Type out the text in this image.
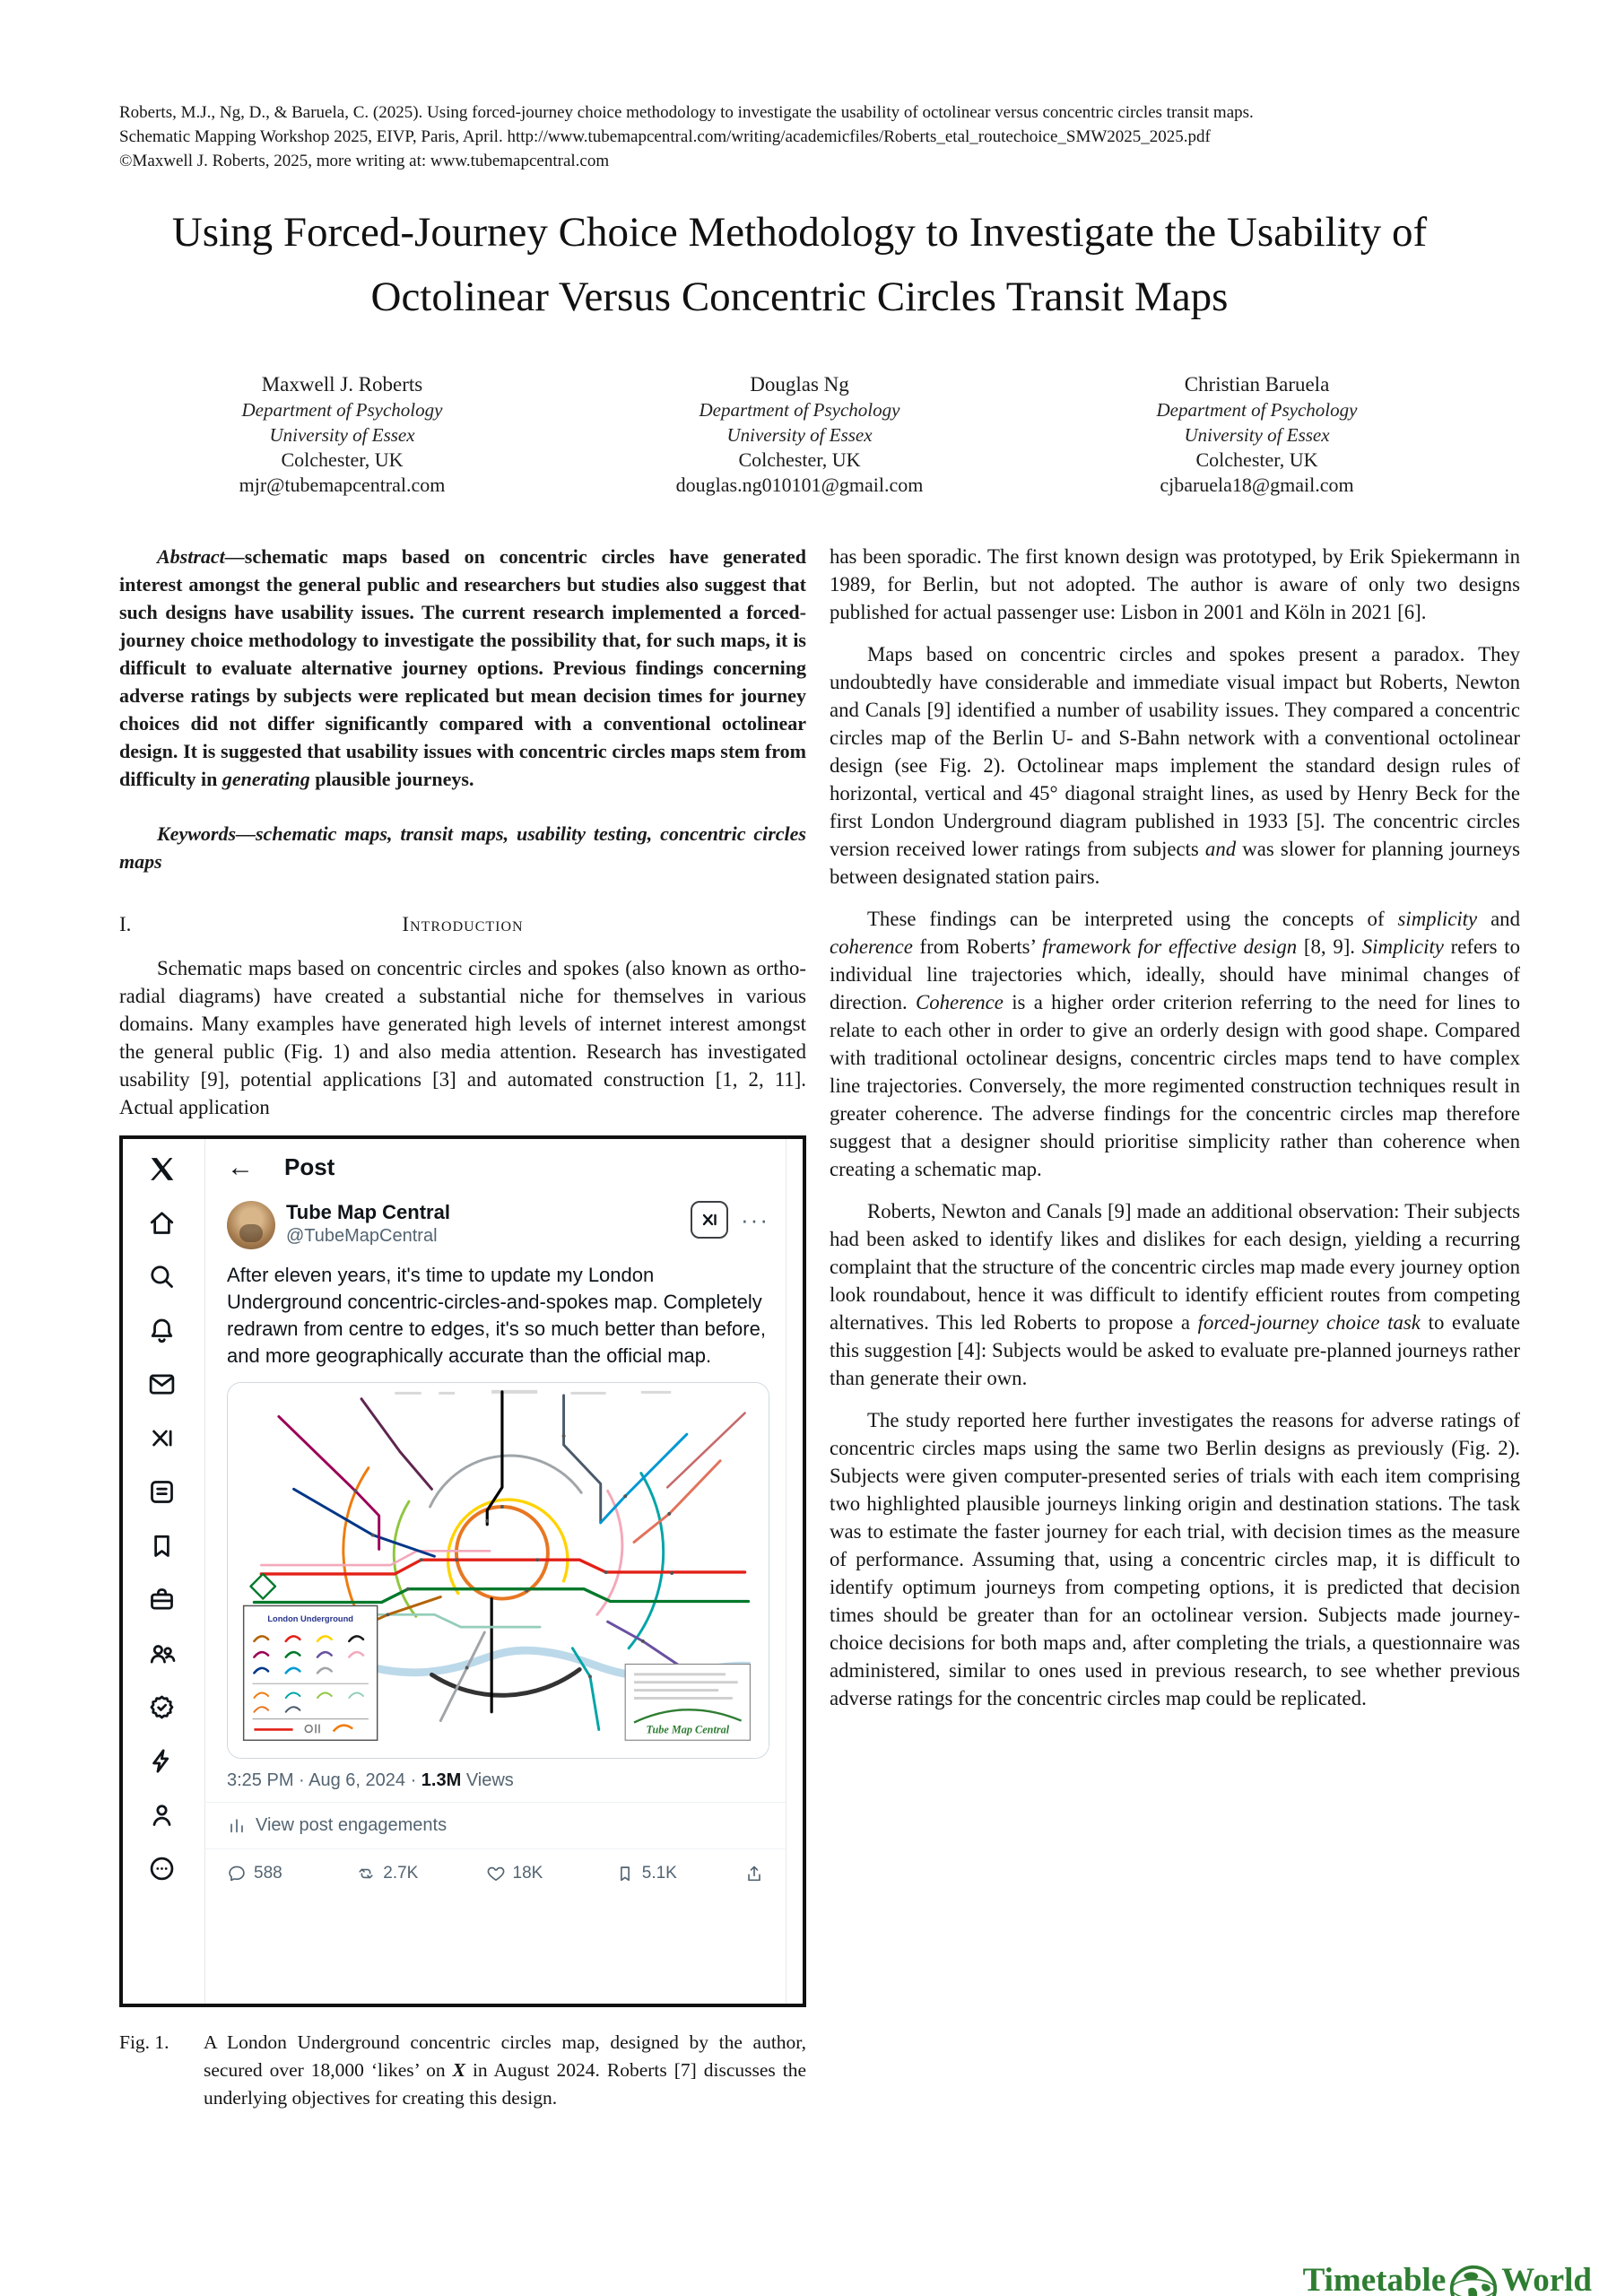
Roberts, M.J., Ng, D., & Baruela, C. (2025). Using forced-journey choice methodology to investigate the usability of octolinear versus concentric circles transit maps.
Schematic Mapping Workshop 2025, EIVP, Paris, April. http://www.tubemapcentral.com/writing/academicfiles/Roberts_etal_routechoice_SMW2025_2025.pdf
©Maxwell J. Roberts, 2025, more writing at: www.tubemapcentral.com
Using Forced-Journey Choice Methodology to Investigate the Usability of Octolinear Versus Concentric Circles Transit Maps
Maxwell J. Roberts
Department of Psychology
University of Essex
Colchester, UK
mjr@tubemapcentral.com
Douglas Ng
Department of Psychology
University of Essex
Colchester, UK
douglas.ng010101@gmail.com
Christian Baruela
Department of Psychology
University of Essex
Colchester, UK
cjbaruela18@gmail.com

Abstract—schematic maps based on concentric circles have generated interest amongst the general public and researchers but studies also suggest that such designs have usability issues. The current research implemented a forced-journey choice methodology to investigate the possibility that, for such maps, it is difficult to evaluate alternative journey options. Previous findings concerning adverse ratings by subjects were replicated but mean decision times for journey choices did not differ significantly compared with a conventional octolinear design. It is suggested that usability issues with concentric circles maps stem from difficulty in generating plausible journeys.

Keywords—schematic maps, transit maps, usability testing, concentric circles maps

I.	Introduction

Schematic maps based on concentric circles and spokes (also known as ortho-radial diagrams) have created a substantial niche for themselves in various domains. Many examples have generated high levels of internet interest amongst the general public (Fig. 1) and also media attention. Research has investigated usability [9], potential applications [3] and automated construction [1, 2, 11]. Actual application

← Post
Tube Map Central
@TubeMapCentral
···
After eleven years, it's time to update my London Underground concentric-circles-and-spokes map. Completely redrawn from centre to edges, it's so much better than before, and more geographically accurate than the official map.
London Underground
Tube Map Central
3:25 PM · Aug 6, 2024 · 1.3M Views
View post engagements
588	2.7K	18K	5.1K
Fig. 1.	A London Underground concentric circles map, designed by the author, secured over 18,000 ‘likes’ on X in August 2024. Roberts [7] discusses the underlying objectives for creating this design.

has been sporadic. The first known design was prototyped, by Erik Spiekermann in 1989, for Berlin, but not adopted. The author is aware of only two designs published for actual passenger use: Lisbon in 2001 and Köln in 2021 [6].

Maps based on concentric circles and spokes present a paradox. They undoubtedly have considerable and immediate visual impact but Roberts, Newton and Canals [9] identified a number of usability issues. They compared a concentric circles map of the Berlin U- and S-Bahn network with a conventional octolinear design (see Fig. 2). Octolinear maps implement the standard design rules of horizontal, vertical and 45° diagonal straight lines, as used by Henry Beck for the first London Underground diagram published in 1933 [5]. The concentric circles version received lower ratings from subjects and was slower for planning journeys between designated station pairs.

These findings can be interpreted using the concepts of simplicity and coherence from Roberts’ framework for effective design [8, 9]. Simplicity refers to individual line trajectories which, ideally, should have minimal changes of direction. Coherence is a higher order criterion referring to the need for lines to relate to each other in order to give an orderly design with good shape. Compared with traditional octolinear designs, concentric circles maps tend to have complex line trajectories. Conversely, the more regimented construction techniques result in greater coherence. The adverse findings for the concentric circles map therefore suggest that a designer should prioritise simplicity rather than coherence when creating a schematic map.

Roberts, Newton and Canals [9] made an additional observation: Their subjects had been asked to identify likes and dislikes for each design, yielding a recurring complaint that the structure of the concentric circles map made every journey option look roundabout, hence it was difficult to identify efficient routes from competing alternatives. This led Roberts to propose a forced-journey choice task to evaluate this suggestion [4]: Subjects would be asked to evaluate pre-planned journeys rather than generate their own.

The study reported here further investigates the reasons for adverse ratings of concentric circles maps using the same two Berlin designs as previously (Fig. 2). Subjects were given computer-presented series of trials with each item comprising two highlighted plausible journeys linking origin and destination stations. The task was to estimate the faster journey for each trial, with decision times as the measure of performance. Assuming that, using a concentric circles map, it is difficult to identify optimum journeys from competing options, it is predicted that decision times should be greater than for an octolinear version. Subjects made journey-choice decisions for both maps and, after completing the trials, a questionnaire was administered, similar to ones used in previous research, to see whether previous adverse ratings for the concentric circles map could be replicated.

Timetable World
